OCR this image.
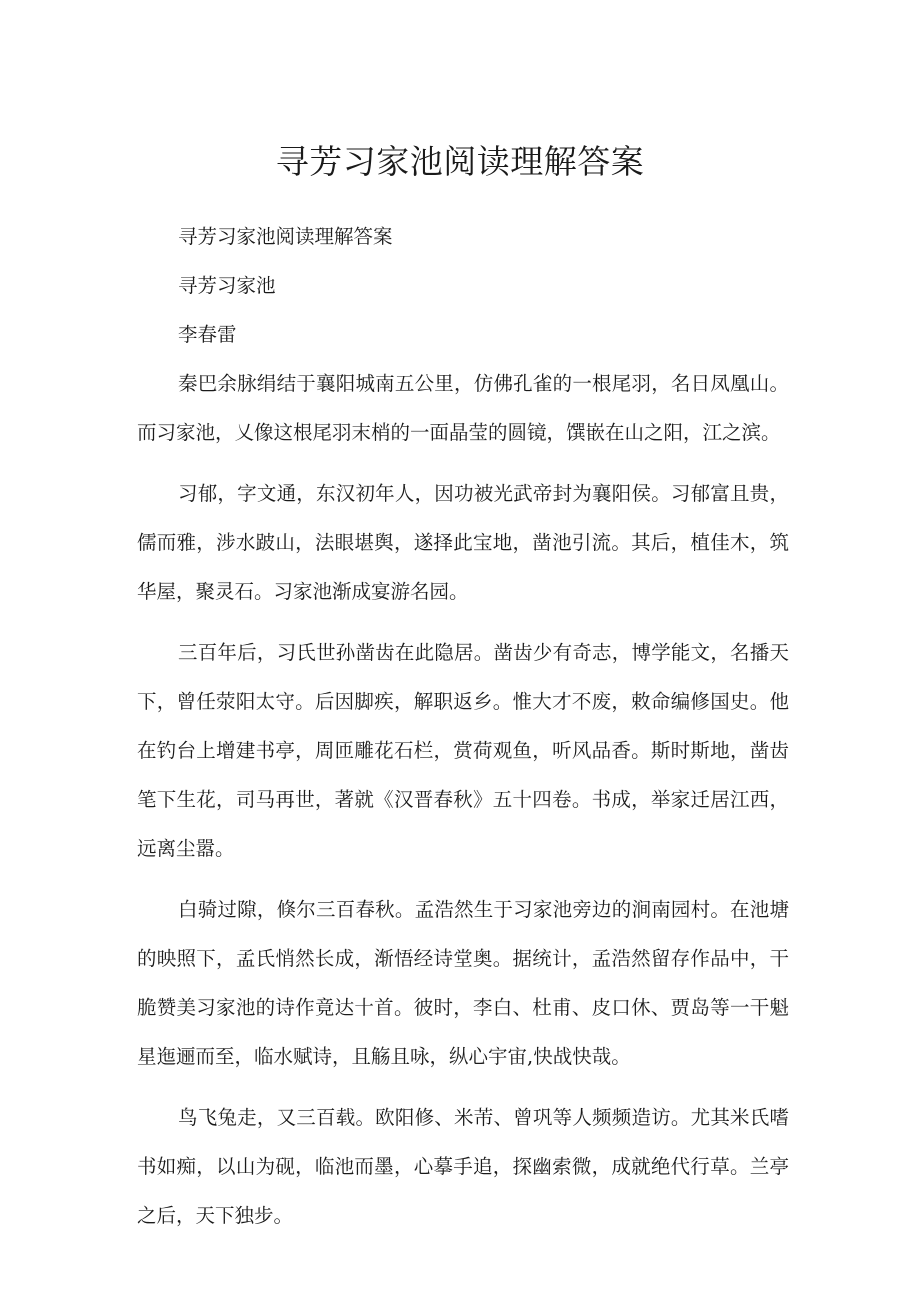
寻芳习家池阅读理解答案

寻芳习家池阅读理解答案

寻芳习家池

李春雷

秦巴余脉绢结于襄阳城南五公里，仿佛孔雀的一根尾羽，名日凤凰山。而习家池，乂像这根尾羽末梢的一面晶莹的圆镜，馔嵌在山之阳，江之滨。

习郁，字文通，东汉初年人，因功被光武帝封为襄阳侯。习郁富且贵，儒而雅，涉水跛山，法眼堪舆，遂择此宝地，凿池引流。其后，植佳木，筑华屋，聚灵石。习家池渐成宴游名园。

三百年后，习氏世孙凿齿在此隐居。凿齿少有奇志，博学能文，名播天下，曾任荥阳太守。后因脚疾，解职返乡。惟大才不废，敕命编修国史。他在钓台上增建书亭，周匝雕花石栏，赏荷观鱼，听风品香。斯时斯地，凿齿笔下生花，司马再世，著就《汉晋春秋》五十四卷。书成，举家迁居江西，远离尘嚣。

白骑过隙，倏尔三百春秋。孟浩然生于习家池旁边的涧南园村。在池塘的映照下，孟氏悄然长成，渐悟经诗堂奥。据统计，孟浩然留存作品中，干脆赞美习家池的诗作竟达十首。彼时，李白、杜甫、皮口休、贾岛等一干魁星迤逦而至，临水赋诗，且觞且咏，纵心宇宙,快战快哉。

鸟飞兔走，又三百载。欧阳修、米芾、曾巩等人频频造访。尤其米氏嗜书如痴，以山为砚，临池而墨，心摹手追，探幽索微，成就绝代行草。兰亭之后，天下独步。
